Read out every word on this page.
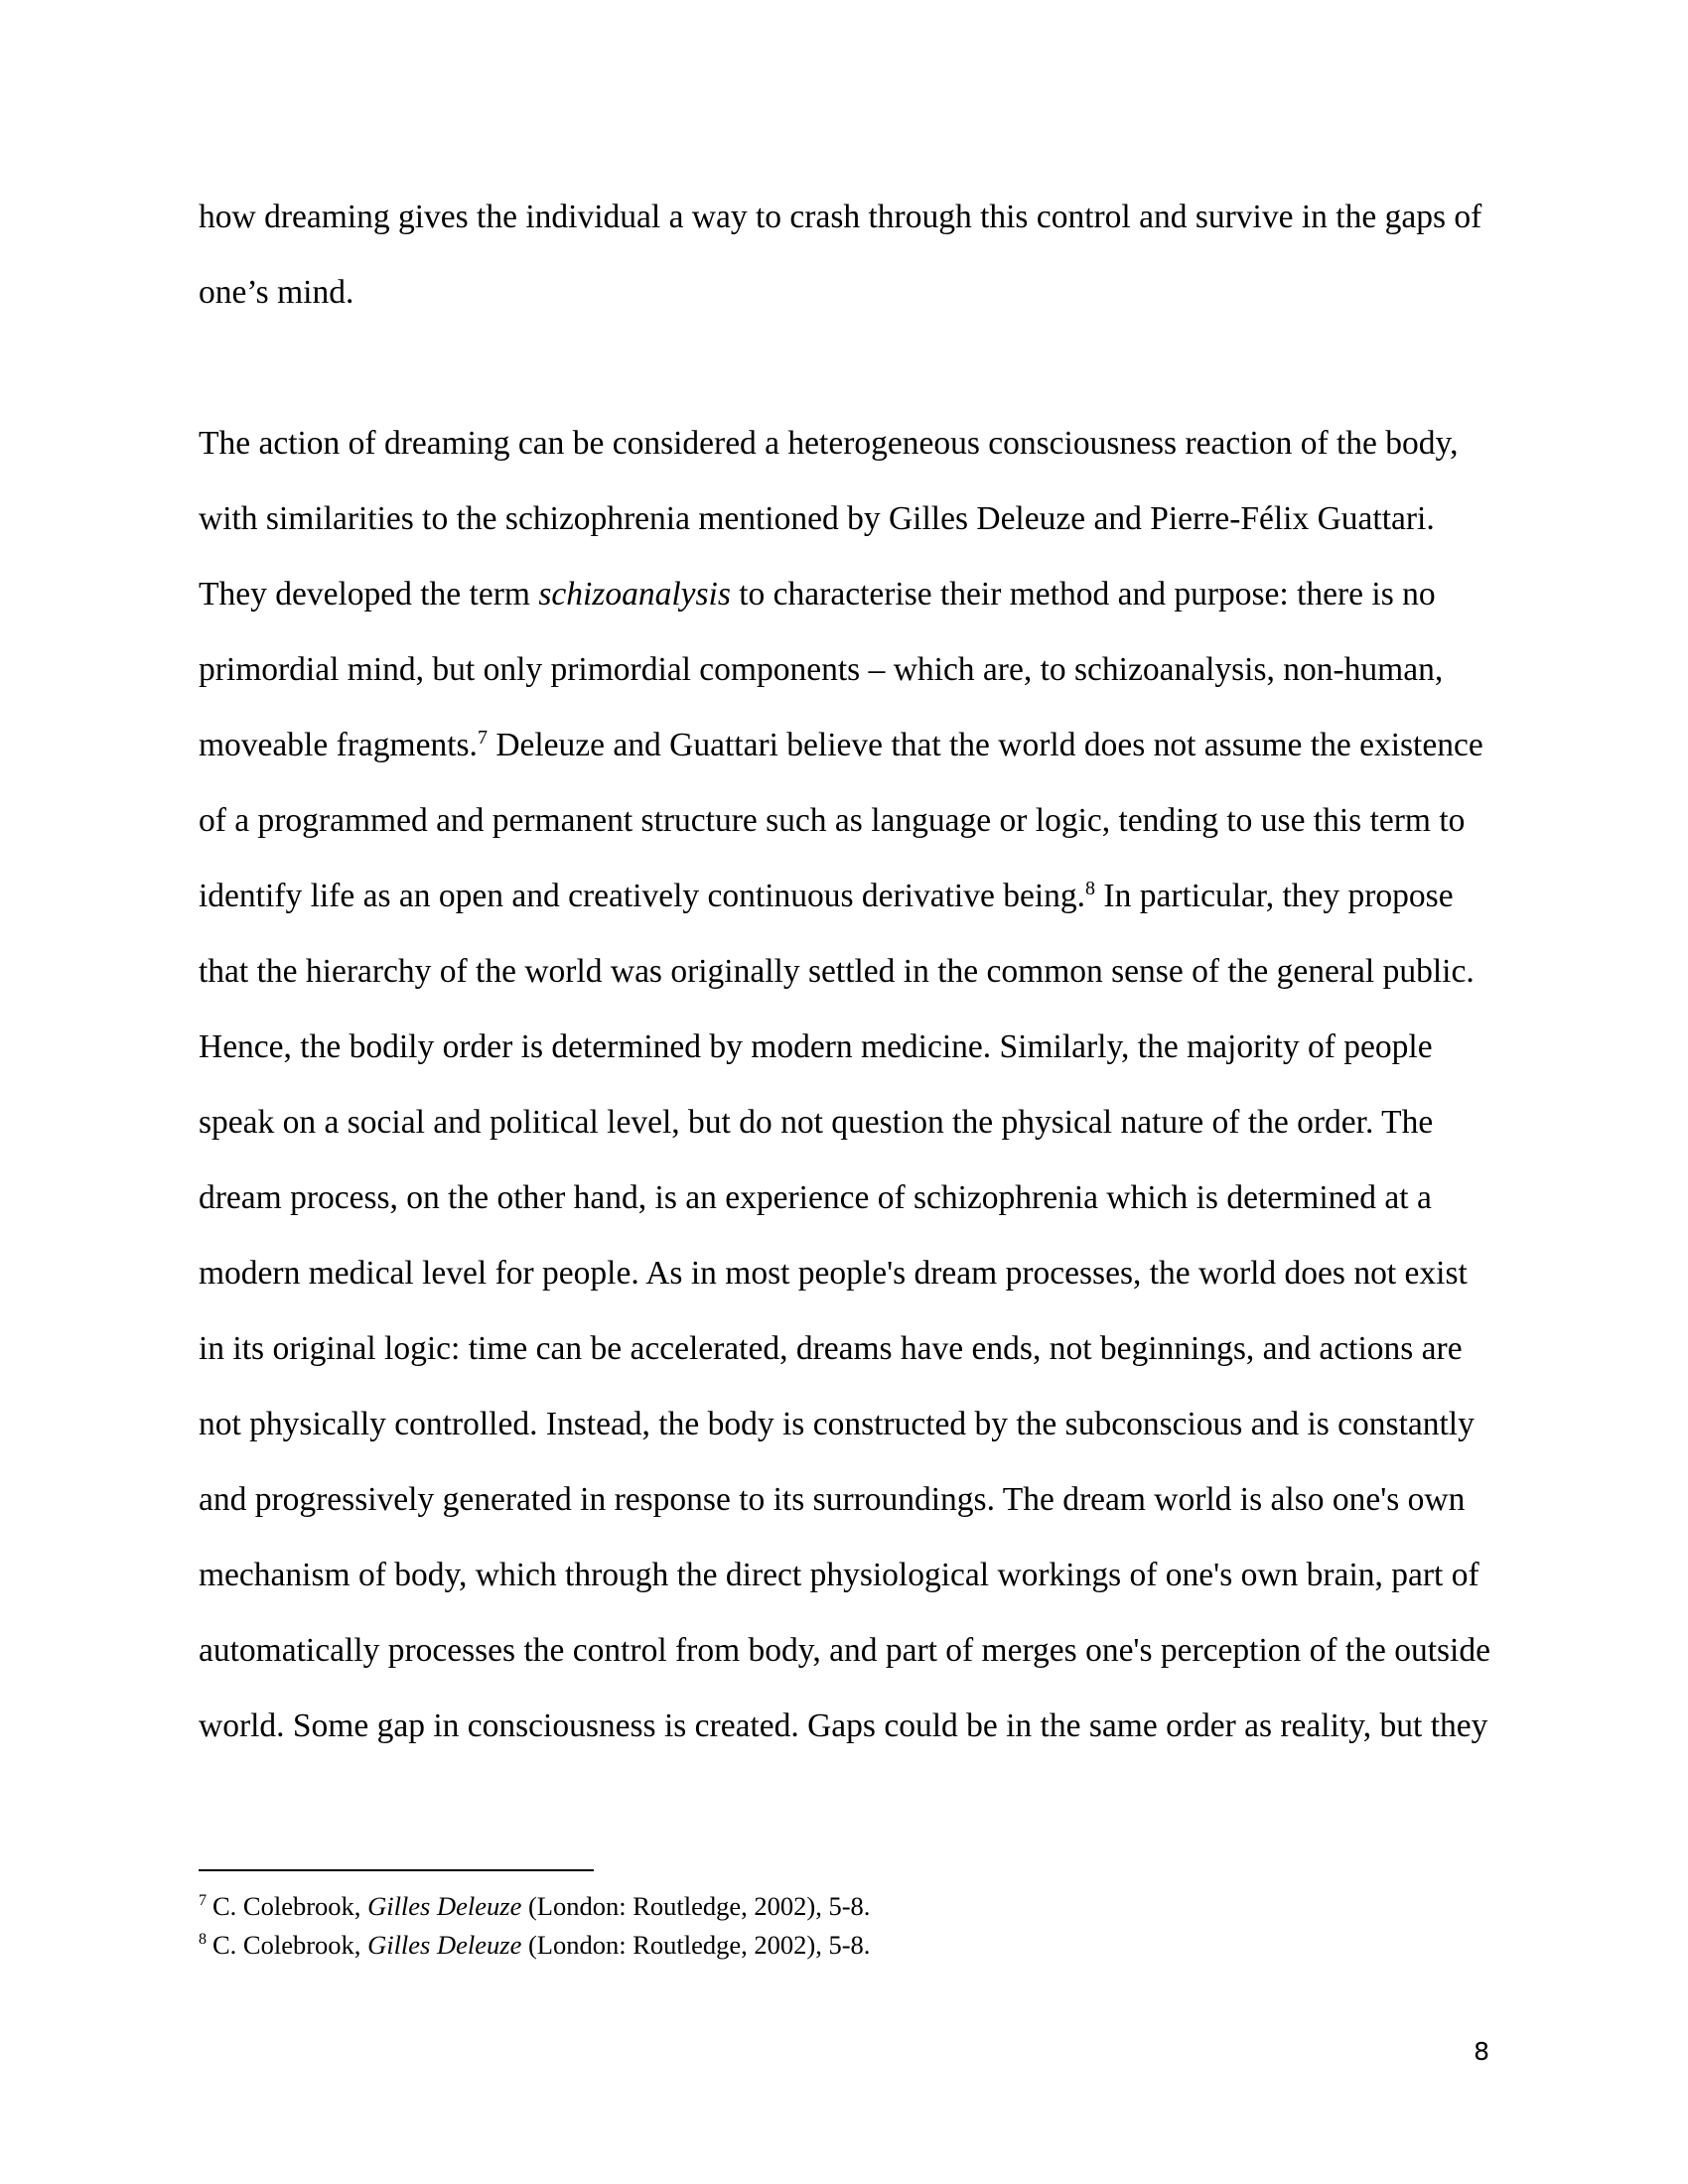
how dreaming gives the individual a way to crash through this control and survive in the gaps of
one’s mind.
The action of dreaming can be considered a heterogeneous consciousness reaction of the body,
with similarities to the schizophrenia mentioned by Gilles Deleuze and Pierre-Félix Guattari.
They developed the term schizoanalysis to characterise their method and purpose: there is no
primordial mind, but only primordial components – which are, to schizoanalysis, non-human,
moveable fragments.$^7$ Deleuze and Guattari believe that the world does not assume the existence
of a programmed and permanent structure such as language or logic, tending to use this term to
identify life as an open and creatively continuous derivative being.$^8$ In particular, they propose
that the hierarchy of the world was originally settled in the common sense of the general public.
Hence, the bodily order is determined by modern medicine. Similarly, the majority of people
speak on a social and political level, but do not question the physical nature of the order. The
dream process, on the other hand, is an experience of schizophrenia which is determined at a
modern medical level for people. As in most people's dream processes, the world does not exist
in its original logic: time can be accelerated, dreams have ends, not beginnings, and actions are
not physically controlled. Instead, the body is constructed by the subconscious and is constantly
and progressively generated in response to its surroundings. The dream world is also one's own
mechanism of body, which through the direct physiological workings of one's own brain, part of
automatically processes the control from body, and part of merges one's perception of the outside
world. Some gap in consciousness is created. Gaps could be in the same order as reality, but they
$^7$ C. Colebrook, Gilles Deleuze (London: Routledge, 2002), 5-8.
$^8$ C. Colebrook, Gilles Deleuze (London: Routledge, 2002), 5-8.
8
